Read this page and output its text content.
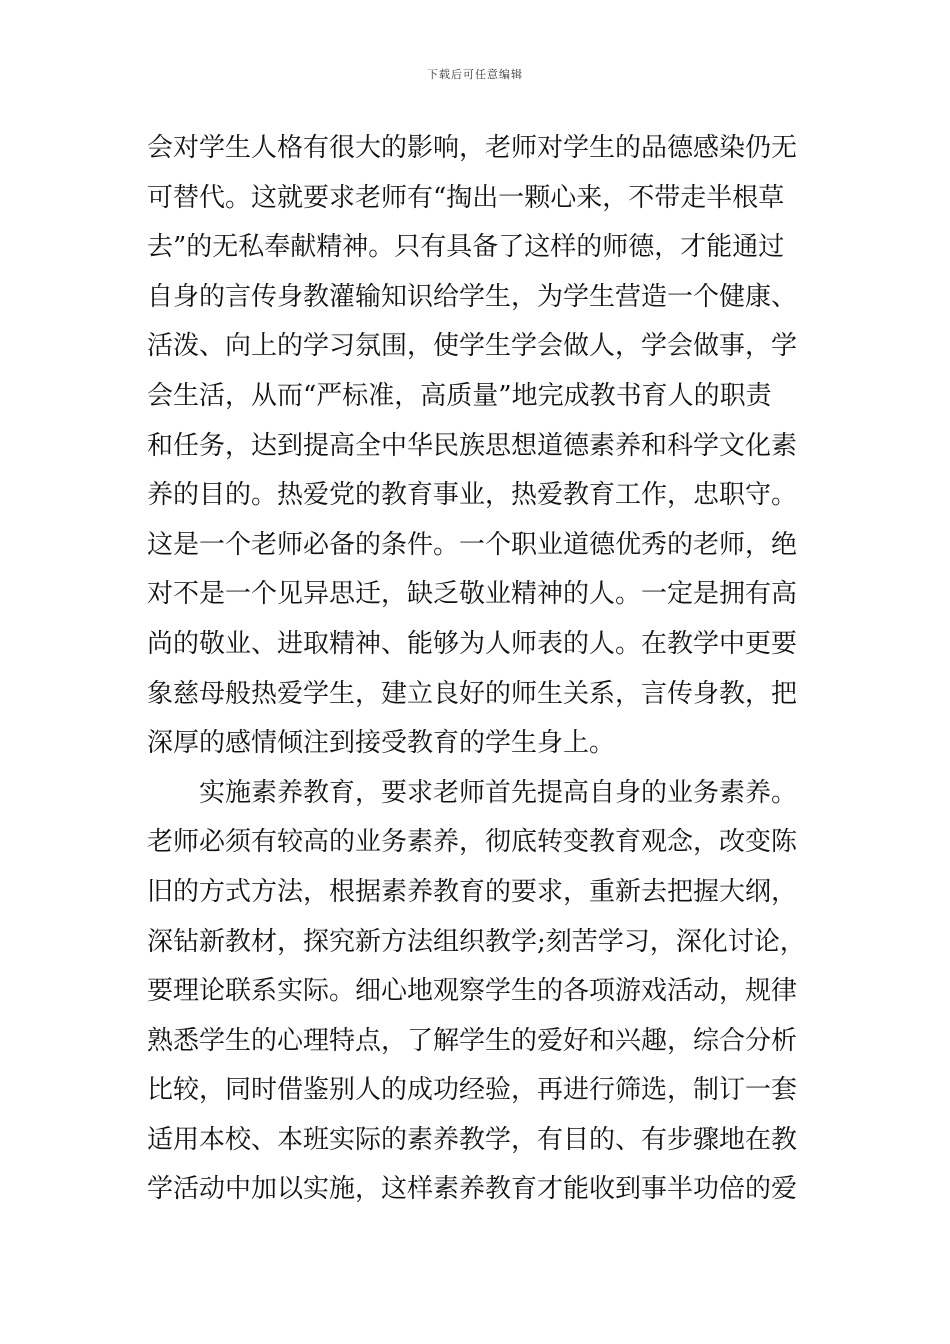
下载后可任意编辑
会对学生人格有很大的影响，老师对学生的品德感染仍无
可替代。这就要求老师有“掏出一颗心来，不带走半根草
去”的无私奉献精神。只有具备了这样的师德，才能通过
自身的言传身教灌输知识给学生，为学生营造一个健康、
活泼、向上的学习氛围，使学生学会做人，学会做事，学
会生活，从而“严标准，高质量”地完成教书育人的职责
和任务，达到提高全中华民族思想道德素养和科学文化素
养的目的。热爱党的教育事业，热爱教育工作，忠职守。
这是一个老师必备的条件。一个职业道德优秀的老师，绝
对不是一个见异思迁，缺乏敬业精神的人。一定是拥有高
尚的敬业、进取精神、能够为人师表的人。在教学中更要
象慈母般热爱学生，建立良好的师生关系，言传身教，把
深厚的感情倾注到接受教育的学生身上。
实施素养教育，要求老师首先提高自身的业务素养。
老师必须有较高的业务素养，彻底转变教育观念，改变陈
旧的方式方法，根据素养教育的要求，重新去把握大纲，
深钻新教材，探究新方法组织教学;刻苦学习，深化讨论，
要理论联系实际。细心地观察学生的各项游戏活动，规律
熟悉学生的心理特点，了解学生的爱好和兴趣，综合分析
比较，同时借鉴别人的成功经验，再进行筛选，制订一套
适用本校、本班实际的素养教学，有目的、有步骤地在教
学活动中加以实施，这样素养教育才能收到事半功倍的爱
